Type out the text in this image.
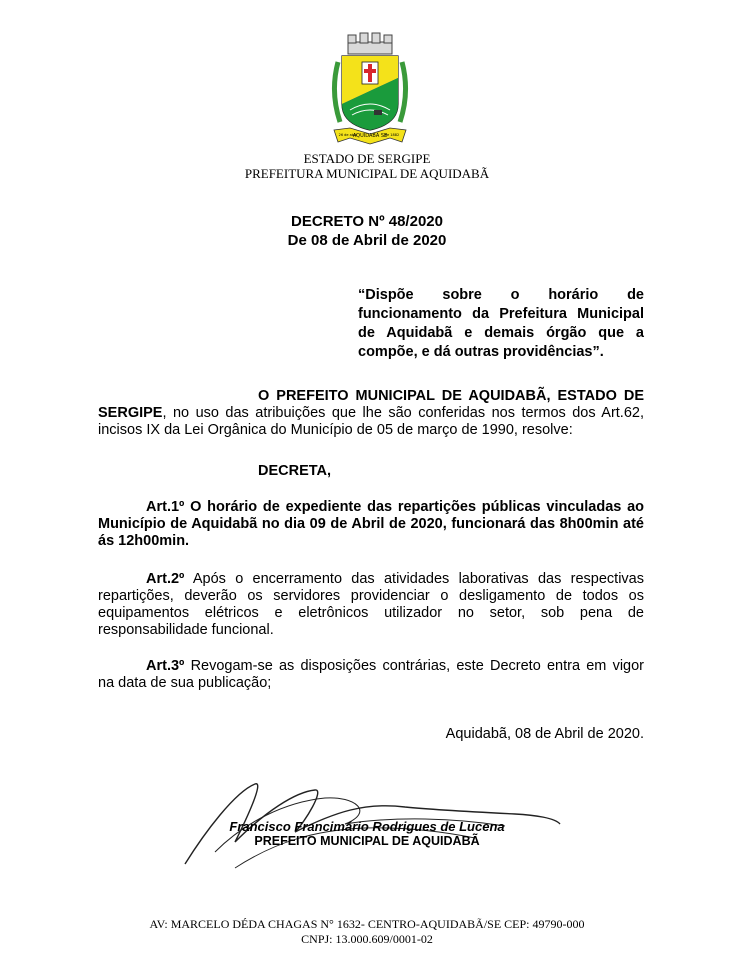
AQUIDABÃ SE
26 de abril	de 1882
ESTADO DE SERGIPE
PREFEITURA MUNICIPAL DE AQUIDABÃ
DECRETO Nº 48/2020
De 08 de Abril de 2020
“Dispõe sobre o horário de funcionamento da Prefeitura Municipal de Aquidabã e demais órgão que a compõe, e dá outras providências”.
O PREFEITO MUNICIPAL DE AQUIDABÃ, ESTADO DE SERGIPE, no uso das atribuições que lhe são conferidas nos termos dos Art.62, incisos IX da Lei Orgânica do Município de 05 de março de 1990, resolve:
DECRETA,
Art.1º O horário de expediente das repartições públicas vinculadas ao Município de Aquidabã no dia 09 de Abril de 2020, funcionará das 8h00min até ás 12h00min.
Art.2º Após o encerramento das atividades laborativas das respectivas repartições, deverão os servidores providenciar o desligamento de todos os equipamentos elétricos e eletrônicos utilizador no setor, sob pena de responsabilidade funcional.
Art.3º Revogam-se as disposições contrárias, este Decreto entra em vigor na data de sua publicação;
Aquidabã, 08 de Abril de 2020.
Francisco Francimário Rodrigues de Lucena
PREFEITO MUNICIPAL DE AQUIDABÃ
AV: MARCELO DÉDA CHAGAS N° 1632- CENTRO-AQUIDABÃ/SE CEP: 49790-000
CNPJ: 13.000.609/0001-02
